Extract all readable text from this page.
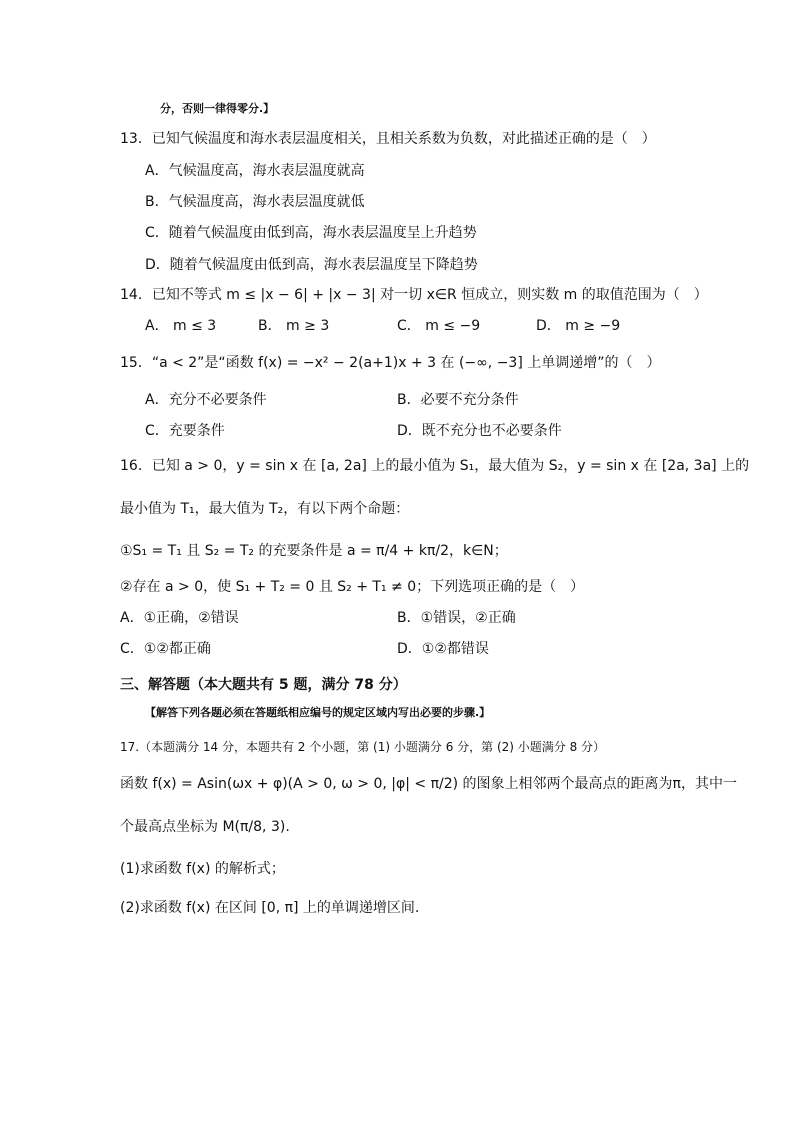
分，否则一律得零分.】
13．已知气候温度和海水表层温度相关，且相关系数为负数，对此描述正确的是（　）
A．气候温度高，海水表层温度就高
B．气候温度高，海水表层温度就低
C．随着气候温度由低到高，海水表层温度呈上升趋势
D．随着气候温度由低到高，海水表层温度呈下降趋势
14．已知不等式 m ≤ |x − 6| + |x − 3| 对一切 x∈R 恒成立，则实数 m 的取值范围为（　）
A． m ≤ 3	B． m ≥ 3	C． m ≤ −9	D． m ≥ −9
15．“a < 2”是“函数 f(x) = −x² − 2(a+1)x + 3 在 (−∞, −3] 上单调递增”的（　）
A．充分不必要条件	B．必要不充分条件
C．充要条件	D．既不充分也不必要条件
16．已知 a > 0，y = sin x 在 [a, 2a] 上的最小值为 S₁，最大值为 S₂，y = sin x 在 [2a, 3a] 上的
最小值为 T₁，最大值为 T₂，有以下两个命题：
①S₁ = T₁ 且 S₂ = T₂ 的充要条件是 a = π/4 + kπ/2，k∈N；
②存在 a > 0，使 S₁ + T₂ = 0 且 S₂ + T₁ ≠ 0；下列选项正确的是（　）
A．①正确，②错误	B．①错误，②正确
C．①②都正确	D．①②都错误
三、解答题（本大题共有 5 题，满分 78 分）
【解答下列各题必须在答题纸相应编号的规定区域内写出必要的步骤.】
17.（本题满分 14 分，本题共有 2 个小题，第 (1) 小题满分 6 分，第 (2) 小题满分 8 分）
函数 f(x) = Asin(ωx + φ)(A > 0, ω > 0, |φ| < π/2) 的图象上相邻两个最高点的距离为π，其中一
个最高点坐标为 M(π/8, 3).
(1)求函数 f(x) 的解析式；
(2)求函数 f(x) 在区间 [0, π] 上的单调递增区间.
